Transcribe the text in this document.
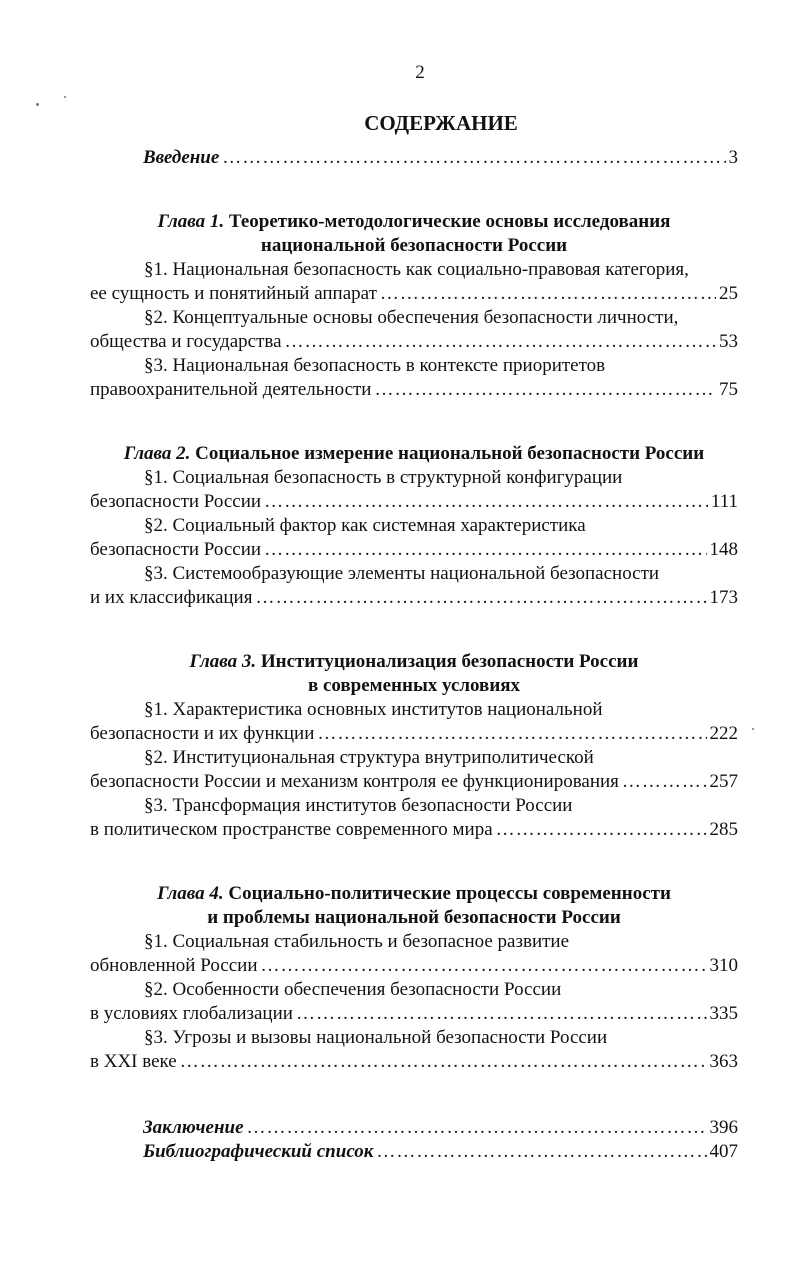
2
СОДЕРЖАНИЕ
Введение …………………………………………………………………………………………………………………………………………………………………………………………	3
Глава 1. Теоретико-методологические основы исследования
национальной безопасности России
§1. Национальная безопасность как социально-правовая категория,
ее сущность и понятийный аппарат …………………………………………………………………………………………………………………………………………………………………………………………	25
§2. Концептуальные основы обеспечения безопасности личности,
общества и государства …………………………………………………………………………………………………………………………………………………………………………………………	53
§3. Национальная безопасность в контексте приоритетов
правоохранительной деятельности …………………………………………………………………………………………………………………………………………………………………………………………	75
Глава 2. Социальное измерение национальной безопасности России
§1. Социальная безопасность в структурной конфигурации
безопасности России …………………………………………………………………………………………………………………………………………………………………………………………	111
§2. Социальный фактор как системная характеристика
безопасности России …………………………………………………………………………………………………………………………………………………………………………………………	148
§3. Системообразующие элементы национальной безопасности
и их классификация …………………………………………………………………………………………………………………………………………………………………………………………	173
Глава 3. Институционализация безопасности России
в современных условиях
§1. Характеристика основных институтов национальной
безопасности и их функции …………………………………………………………………………………………………………………………………………………………………………………………	222
§2. Институциональная структура внутриполитической
безопасности России и механизм контроля ее функционирования …………………………………………………………………………………………………………………………………………………………………………………………	257
§3. Трансформация институтов безопасности России
в политическом пространстве современного мира …………………………………………………………………………………………………………………………………………………………………………………………	285
Глава 4. Социально-политические процессы современности
и проблемы национальной безопасности России
§1. Социальная стабильность и безопасное развитие
обновленной России …………………………………………………………………………………………………………………………………………………………………………………………	310
§2. Особенности обеспечения безопасности России
в условиях глобализации …………………………………………………………………………………………………………………………………………………………………………………………	335
§3. Угрозы и вызовы национальной безопасности России
в XXI веке …………………………………………………………………………………………………………………………………………………………………………………………	363
Заключение …………………………………………………………………………………………………………………………………………………………………………………………	396
Библиографический список …………………………………………………………………………………………………………………………………………………………………………………………	407
